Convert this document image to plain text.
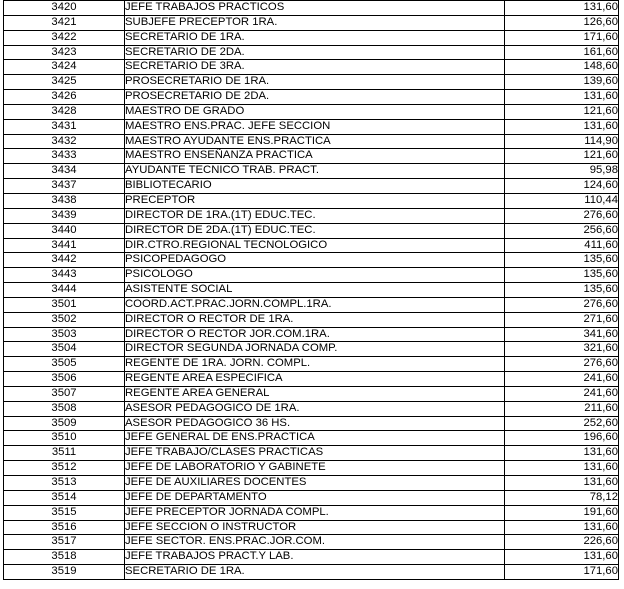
3420	JEFE TRABAJOS PRACTICOS	131,60
3421	SUBJEFE PRECEPTOR 1RA.	126,60
3422	SECRETARIO DE 1RA.	171,60
3423	SECRETARIO DE 2DA.	161,60
3424	SECRETARIO DE 3RA.	148,60
3425	PROSECRETARIO DE 1RA.	139,60
3426	PROSECRETARIO DE 2DA.	131,60
3428	MAESTRO DE GRADO	121,60
3431	MAESTRO ENS.PRAC. JEFE SECCION	131,60
3432	MAESTRO AYUDANTE ENS.PRACTICA	114,90
3433	MAESTRO ENSEÑANZA PRACTICA	121,60
3434	AYUDANTE TECNICO TRAB. PRACT.	95,98
3437	BIBLIOTECARIO	124,60
3438	PRECEPTOR	110,44
3439	DIRECTOR DE 1RA.(1T) EDUC.TEC.	276,60
3440	DIRECTOR DE 2DA.(1T) EDUC.TEC.	256,60
3441	DIR.CTRO.REGIONAL TECNOLOGICO	411,60
3442	PSICOPEDAGOGO	135,60
3443	PSICOLOGO	135,60
3444	ASISTENTE SOCIAL	135,60
3501	COORD.ACT.PRAC.JORN.COMPL.1RA.	276,60
3502	DIRECTOR O RECTOR DE 1RA.	271,60
3503	DIRECTOR O RECTOR JOR.COM.1RA.	341,60
3504	DIRECTOR SEGUNDA JORNADA COMP.	321,60
3505	REGENTE DE 1RA. JORN. COMPL.	276,60
3506	REGENTE AREA ESPECIFICA	241,60
3507	REGENTE AREA GENERAL	241,60
3508	ASESOR PEDAGOGICO DE 1RA.	211,60
3509	ASESOR PEDAGOGICO 36 HS.	252,60
3510	JEFE GENERAL DE ENS.PRACTICA	196,60
3511	JEFE TRABAJO/CLASES PRACTICAS	131,60
3512	JEFE DE LABORATORIO Y GABINETE	131,60
3513	JEFE DE AUXILIARES DOCENTES	131,60
3514	JEFE DE DEPARTAMENTO	78,12
3515	JEFE PRECEPTOR JORNADA COMPL.	191,60
3516	JEFE SECCION O INSTRUCTOR	131,60
3517	JEFE SECTOR. ENS.PRAC.JOR.COM.	226,60
3518	JEFE TRABAJOS PRACT.Y LAB.	131,60
3519	SECRETARIO DE 1RA.	171,60
